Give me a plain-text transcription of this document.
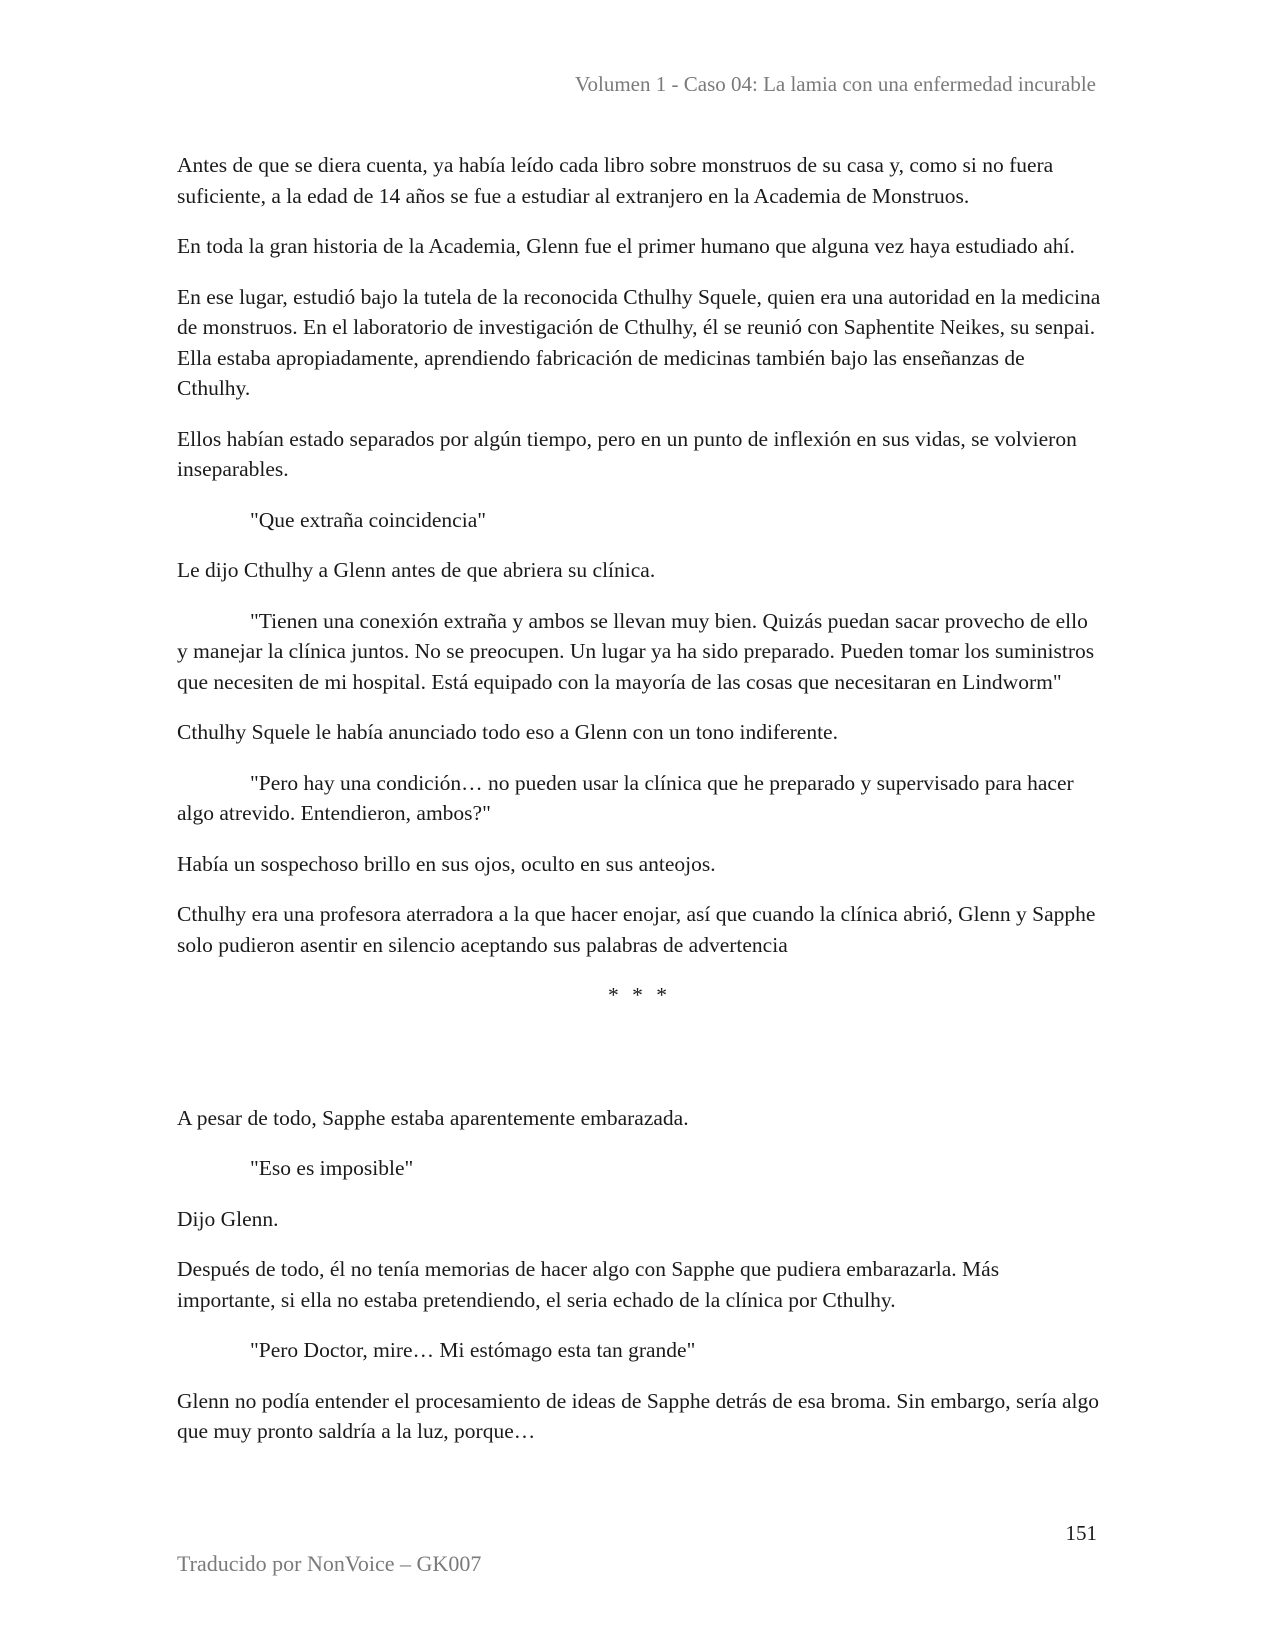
Volumen 1 - Caso 04: La lamia con una enfermedad incurable

Antes de que se diera cuenta, ya había leído cada libro sobre monstruos de su casa y, como si no fuera suficiente, a la edad de 14 años se fue a estudiar al extranjero en la Academia de Monstruos.

En toda la gran historia de la Academia, Glenn fue el primer humano que alguna vez haya estudiado ahí.

En ese lugar, estudió bajo la tutela de la reconocida Cthulhy Squele, quien era una autoridad en la medicina de monstruos. En el laboratorio de investigación de Cthulhy, él se reunió con Saphentite Neikes, su senpai. Ella estaba apropiadamente, aprendiendo fabricación de medicinas también bajo las enseñanzas de Cthulhy.

Ellos habían estado separados por algún tiempo, pero en un punto de inflexión en sus vidas, se volvieron inseparables.

"Que extraña coincidencia"

Le dijo Cthulhy a Glenn antes de que abriera su clínica.

"Tienen una conexión extraña y ambos se llevan muy bien. Quizás puedan sacar provecho de ello y manejar la clínica juntos. No se preocupen. Un lugar ya ha sido preparado. Pueden tomar los suministros que necesiten de mi hospital. Está equipado con la mayoría de las cosas que necesitaran en Lindworm"

Cthulhy Squele le había anunciado todo eso a Glenn con un tono indiferente.

"Pero hay una condición… no pueden usar la clínica que he preparado y supervisado para hacer algo atrevido. Entendieron, ambos?"

Había un sospechoso brillo en sus ojos, oculto en sus anteojos.

Cthulhy era una profesora aterradora a la que hacer enojar, así que cuando la clínica abrió, Glenn y Sapphe solo pudieron asentir en silencio aceptando sus palabras de advertencia

* * *

A pesar de todo, Sapphe estaba aparentemente embarazada.

"Eso es imposible"

Dijo Glenn.

Después de todo, él no tenía memorias de hacer algo con Sapphe que pudiera embarazarla. Más importante, si ella no estaba pretendiendo, el seria echado de la clínica por Cthulhy.

"Pero Doctor, mire… Mi estómago esta tan grande"

Glenn no podía entender el procesamiento de ideas de Sapphe detrás de esa broma. Sin embargo, sería algo que muy pronto saldría a la luz, porque…

151
Traducido por NonVoice – GK007
